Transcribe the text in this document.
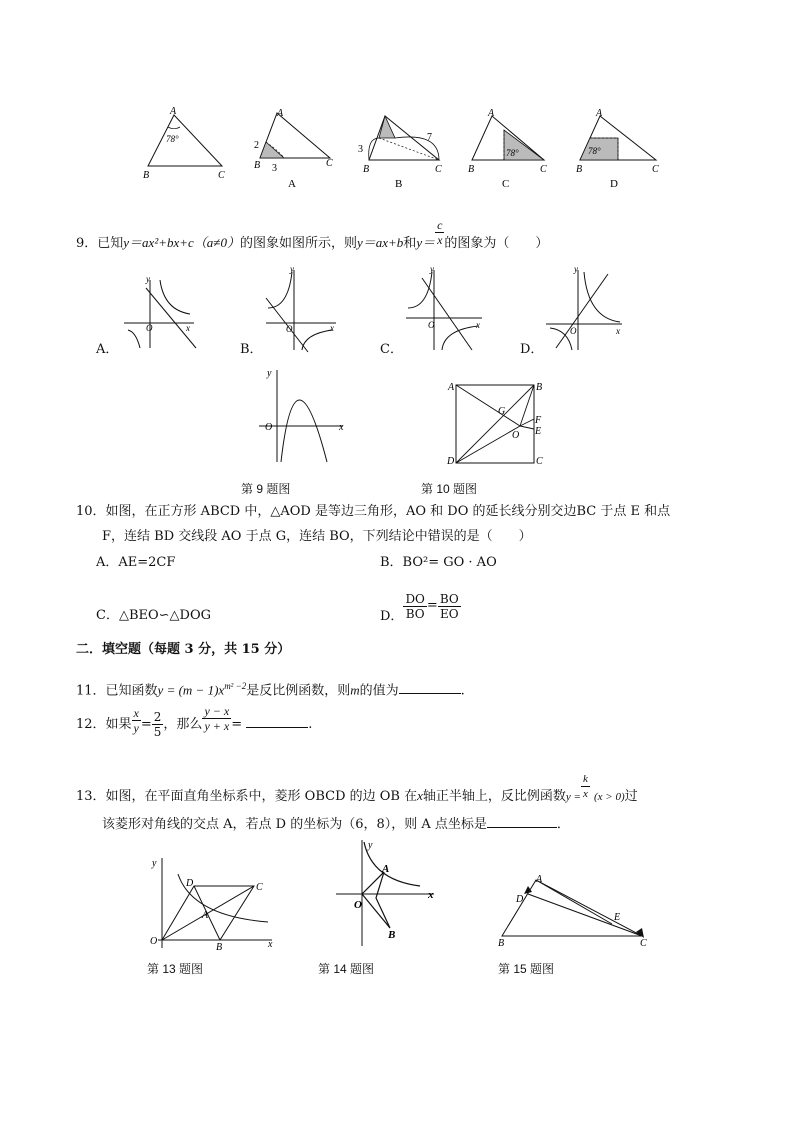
A
78°
B	C
A
2
B 3	C
A
3
7
B	C
B
A
78°
B	C
C
A
78°
B	C
D
9．已知y＝ax²+bx+c（a≠0）的图象如图所示，则y＝ax+b和$y= \frac{c}{x}$ 的图象为（　　）
y
x
O
y
x
O
y
x
O
y
x
O
A．	B．	C．	D．
y
x
O
第 9 题图
A	B
C
D
E
F
G
O
第 10 题图
10．如图，在正方形 ABCD 中，△AOD 是等边三角形，AO 和 DO 的延长线分别交边BC 于点 E 和点
F，连结 BD 交线段 AO 于点 G，连结 BO，下列结论中错误的是（　　）
A．AE=2CF	B．BO²= GO · AO
C．△BEO∽△DOG	D． $\frac{DO}{BO} = \frac{BO}{EO}$
二．填空题（每题 3 分，共 15 分）
11．已知函数$y = (m - 1)x^{m^2 -2}$是反比例函数，则m的值为	.
12．如果 $\frac{x}{y} = \frac{2}{5}$ ，那么 $\frac{y - x}{y + x}$ =	.
13．如图，在平面直角坐标系中，菱形 OBCD 的边 OB 在x轴正半轴上，反比例函数$y = \frac{k}{x} (x > 0)$过
该菱形对角线的交点 A，若点 D 的坐标为（6，8），则 A 点坐标是	．
y
x
O
D	C
A
B
第 13 题图
y
x
O
A
B
第 14 题图
A
B	C
D
E
第 15 题图
